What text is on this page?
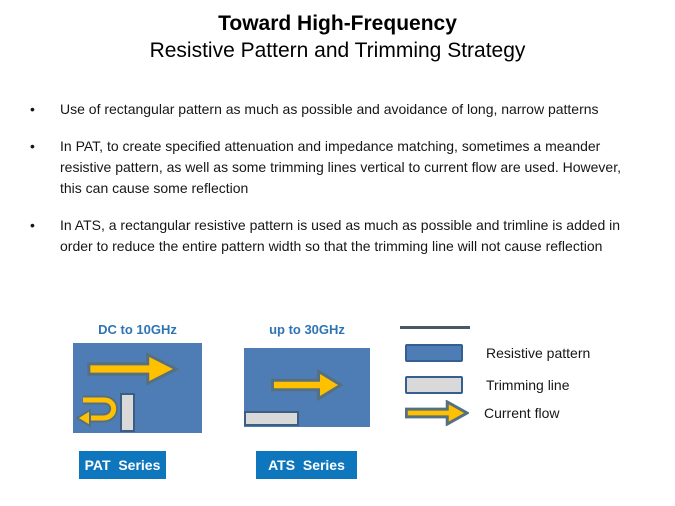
Toward High-Frequency
Resistive Pattern and Trimming Strategy
•	Use of rectangular pattern as much as possible and avoidance of long, narrow patterns
•	In PAT, to create specified attenuation and impedance matching, sometimes a meander resistive pattern, as well as some trimming lines vertical to current flow are used. However, this can cause some reflection
•	In ATS, a rectangular resistive pattern is used as much as possible and trimline is added in order to reduce the entire pattern width so that the trimming line will not cause reflection
DC to 10GHz	up to 30GHz
Resistive pattern
Trimming line
Current flow
PAT  Series	ATS  Series
